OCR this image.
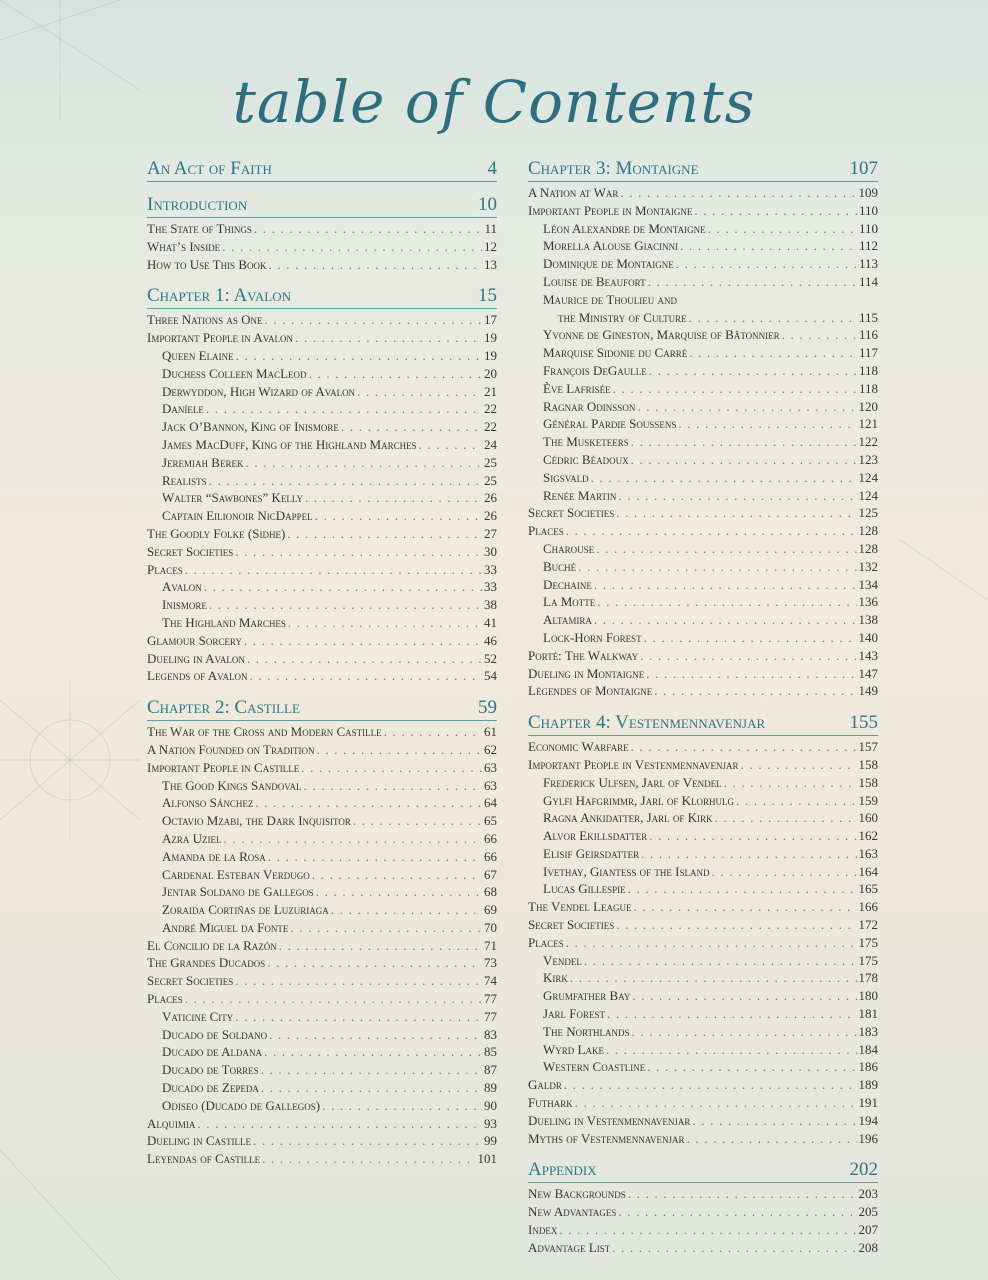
table of Contents
An Act of Faith	4
Introduction	10
The State of Things . . .	11
What’s Inside . . .	12
How to Use This Book . . .	13
Chapter 1: Avalon	15
Three Nations as One . . .	17
Important People in Avalon . . .	19
Queen Elaine . . .	19
Duchess Colleen MacLeod . . .	20
Derwyddon, High Wizard of Avalon . . .	21
Daníele . . .	22
Jack O’Bannon, King of Inismore . . .	22
James MacDuff, King of the Highland Marches . . .	24
Jeremiah Berek . . .	25
Realists . . .	25
Walter “Sawbones” Kelly . . .	26
Captain Eilionoir NicDappel . . .	26
The Goodly Folke (Sidhe) . . .	27
Secret Societies . . .	30
Places . . .	33
Avalon . . .	33
Inismore . . .	38
The Highland Marches . . .	41
Glamour Sorcery . . .	46
Dueling in Avalon . . .	52
Legends of Avalon . . .	54
Chapter 2: Castille	59
The War of the Cross and Modern Castille . . .	61
A Nation Founded on Tradition . . .	62
Important People in Castille . . .	63
The Good Kings Sandoval . . .	63
Alfonso Sánchez . . .	64
Octavio Mzabi, the Dark Inquisitor . . .	65
Azra Uziel . . .	66
Amanda de la Rosa . . .	66
Cardenal Esteban Verdugo . . .	67
Jentar Soldano de Gallegos . . .	68
Zoraida Cortiñas de Luzuriaga . . .	69
André Miguel da Fonte . . .	70
El Concilio de la Razón . . .	71
The Grandes Ducados . . .	73
Secret Societies . . .	74
Places . . .	77
Vaticine City . . .	77
Ducado de Soldano . . .	83
Ducado de Aldana . . .	85
Ducado de Torres . . .	87
Ducado de Zepeda . . .	89
Odiseo (Ducado de Gallegos) . . .	90
Alquimia . . .	93
Dueling in Castille . . .	99
Leyendas of Castille . . .	101
Chapter 3: Montaigne	107
A Nation at War . . .	109
Important People in Montaigne . . .	110
Léon Alexandre de Montaigne . . .	110
Morella Alouse Giacinni . . .	112
Dominique de Montaigne . . .	113
Louise de Beaufort . . .	114
Maurice de Thoulieu and
the Ministry of Culture . . .	115
Yvonne de Gineston, Marquise of Bâtonnier . . .	116
Marquise Sidonie du Carré . . .	117
François DeGaulle . . .	118
Ève Lafrisée . . .	118
Ragnar Odinsson . . .	120
Général Pardie Soussens . . .	121
The Musketeers . . .	122
Cédric Béadoux . . .	123
Sigsvald . . .	124
Renée Martin . . .	124
Secret Societies . . .	125
Places . . .	128
Charouse . . .	128
Buché . . .	132
Dechaine . . .	134
La Motte . . .	136
Altamira . . .	138
Lock-Horn Forest . . .	140
Porté: The Walkway . . .	143
Dueling in Montaigne . . .	147
Légendes of Montaigne . . .	149
Chapter 4: Vestenmennavenjar	155
Economic Warfare . . .	157
Important People in Vestenmennavenjar . . .	158
Frederick Ulfsen, Jarl of Vendel . . .	158
Gylfi Hafgrimmr, Jarl of Klorhulg . . .	159
Ragna Ankidatter, Jarl of Kirk . . .	160
Alvor Ekillsdatter . . .	162
Elisif Geirsdatter . . .	163
Ivethay, Giantess of the Island . . .	164
Lucas Gillespie . . .	165
The Vendel League . . .	166
Secret Societies . . .	172
Places . . .	175
Vendel . . .	175
Kirk . . .	178
Grumfather Bay . . .	180
Jarl Forest . . .	181
The Northlands . . .	183
Wyrd Lake . . .	184
Western Coastline . . .	186
Galdr . . .	189
Futhark . . .	191
Dueling in Vestenmennavenjar . . .	194
Myths of Vestenmennavenjar . . .	196
Appendix	202
New Backgrounds . . .	203
New Advantages . . .	205
Index . . .	207
Advantage List . . .	208
